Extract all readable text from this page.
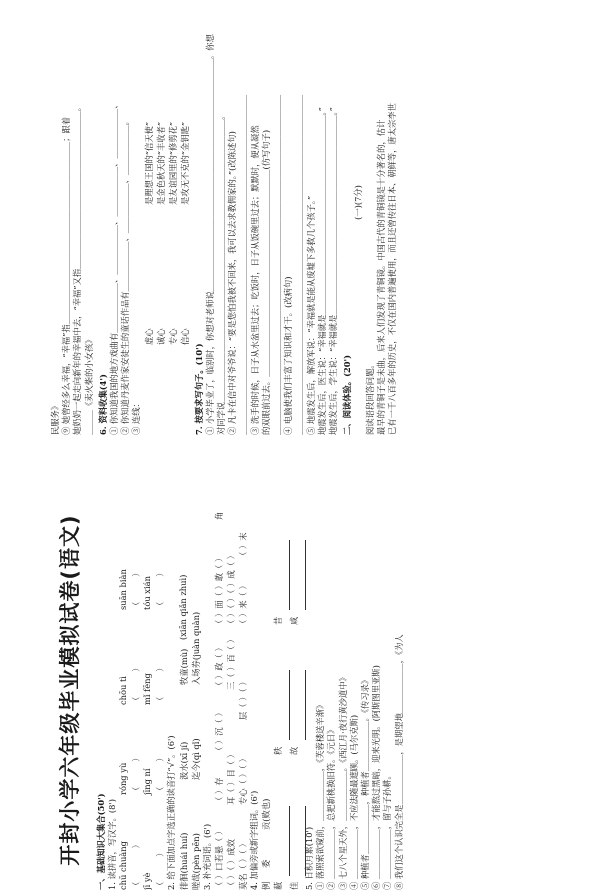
开封小学六年级毕业模拟试卷(语文) 一、基础知识大集合(50') 1. 读拼音，写汉字。(8') chū chuàng
róng yù
chōu tì
suān biàn
（　　　　）
（　　　）
（　　　）
（　　　）
jī yè
jīng ní
mǐ fēng
tóu xián
（　　　）
（　　　）
（　　　）
（　　　）
2. 给下面加点字选正确的读音打“√”。(6') 徘徊(huái huí)
汲水(xī jí)
牧童(mù)
(xiān qiǎn zhuì)
嗟哉(pèn pēn)
迄今(qì qǐ)
入场券(juàn quàn)
3. 补充词语。(6') （ ）口若悬（ ）
（ ）存
（ ）沉（ ）
（ ）政（ ）
（ ）面（ ）敢（ ）
角
（ ）（ ）成效
耳（ ）目（ ）
三（ ）百（ ）
（ ）（ ）（ ）成（ ）
莫名（ ）（ ）
专心（ ）（ ）
层（ ）（ ）
（ ）来（ ）
（ ）末
4. 加偏旁或新字组词。(6') 例
委
贡(败也)
蔽
秩
昔
佳
故
咸
5. 日积月累(10') ① 落照索欲窥前，＿＿＿＿＿＿，《芙蓉楼送辛渐》 ② ＿＿＿＿＿＿，总把新桃换旧符。《元日》 ③ 七八个星天外，＿＿＿＿＿＿。《西江月·夜行黄沙道中》 ④ ＿＿＿＿＿＿，不应法随最遮顾。(马尔克斯) ⑤ 种植者＿＿＿＿＿＿，种植者＿＿＿＿＿＿。《传习录》 ⑥ ＿＿＿＿＿＿，才能熬过黑暗，迎来光明。(阿斯图里亚斯) ⑦ ＿＿＿＿＿＿，留与子孙耕。 ⑧ 我们这个认识完全是＿＿＿＿＿＿，是期望地＿＿＿＿＿＿，《为人
民服务》 ⑨ 她曾经多么幸福，“幸福”指＿＿＿＿＿＿＿＿＿＿＿＿＿＿＿＿＿＿＿＿＿＿；跟着 她奶奶一起走向新年的幸福中去，“幸福”又指＿＿＿＿＿＿＿＿＿＿＿＿＿＿＿＿＿＿＿。 ＿＿＿《卖火柴的小女孩》 6. 资料收集(4') ① 你知道我国的地方戏曲有＿＿＿＿＿＿、＿＿＿＿＿＿、＿＿＿＿＿＿、＿＿＿＿＿＿、 ② 你知道丹麦作家安徒生的童话作品有＿＿＿＿＿＿、＿＿＿＿＿＿、＿＿＿＿＿＿。 ③ 连线：
虚心
是理想王国的“信天使”
诚心
是金色秋天的“丰收者”
专心
是友谊园里的“修剪花”
信心
是攻无不克的“金钥匙”
7. 按要求写句子。(10') ① 小学毕业了，临别时，你想对老师说＿＿＿＿＿＿＿＿＿＿＿＿＿＿＿＿＿＿＿＿＿＿＿＿＿＿＿＿。你想 对同学说＿＿＿＿＿＿＿＿＿＿＿＿＿＿＿＿＿＿＿＿＿＿＿＿＿＿＿＿＿＿＿＿＿＿。 ② 凡卡在信中对爷爷说：“要是您怕我被不回来，我可以去求教佣家的。”(改陈述句) ＿＿＿＿＿＿＿＿＿＿＿＿＿＿＿＿＿＿＿＿＿＿＿＿＿＿＿＿＿＿＿＿＿＿＿＿＿＿＿＿＿ ③ 洗手的时候，日子从水盆里过去；吃饭时，日子从饭碗里过去；默默时，便从凝然 的双眼前过去。＿＿＿＿＿＿＿＿＿＿＿＿＿＿＿＿＿＿＿＿＿＿＿＿＿(仿写句子) ＿＿＿＿＿＿＿＿＿＿＿＿＿＿＿＿＿＿＿＿＿＿＿＿＿＿＿＿＿＿＿＿＿＿＿＿＿＿＿＿＿ ④ 电脑使我们丰富了知识和才干。(改病句) ＿＿＿＿＿＿＿＿＿＿＿＿＿＿＿＿＿＿＿＿＿＿＿＿＿＿＿＿＿＿＿＿＿＿＿＿＿＿＿＿＿ ⑤ 地震发生后，解放军说：“幸福就是能从废墟下多救几个孩子。” 地震发生后，医生说：“幸福就是＿＿＿＿＿＿＿＿＿＿＿＿＿＿＿＿＿＿＿＿＿＿＿＿。” 地震发生后，学生说：“幸福就是＿＿＿＿＿＿＿＿＿＿＿＿＿＿＿＿＿＿＿＿＿＿＿＿。” 二、阅读体验。(20')
(一)(7分)
阅读语段回答问题。 最早的青铜子是未曲，后来人们发现了青铜镜。中国古代的青铜镜是十分著名的，估计 已有一千八百多年的历史，不仅在国内普遍使用，而且还曾传往日本、朝鲜等，唐太宗李世
